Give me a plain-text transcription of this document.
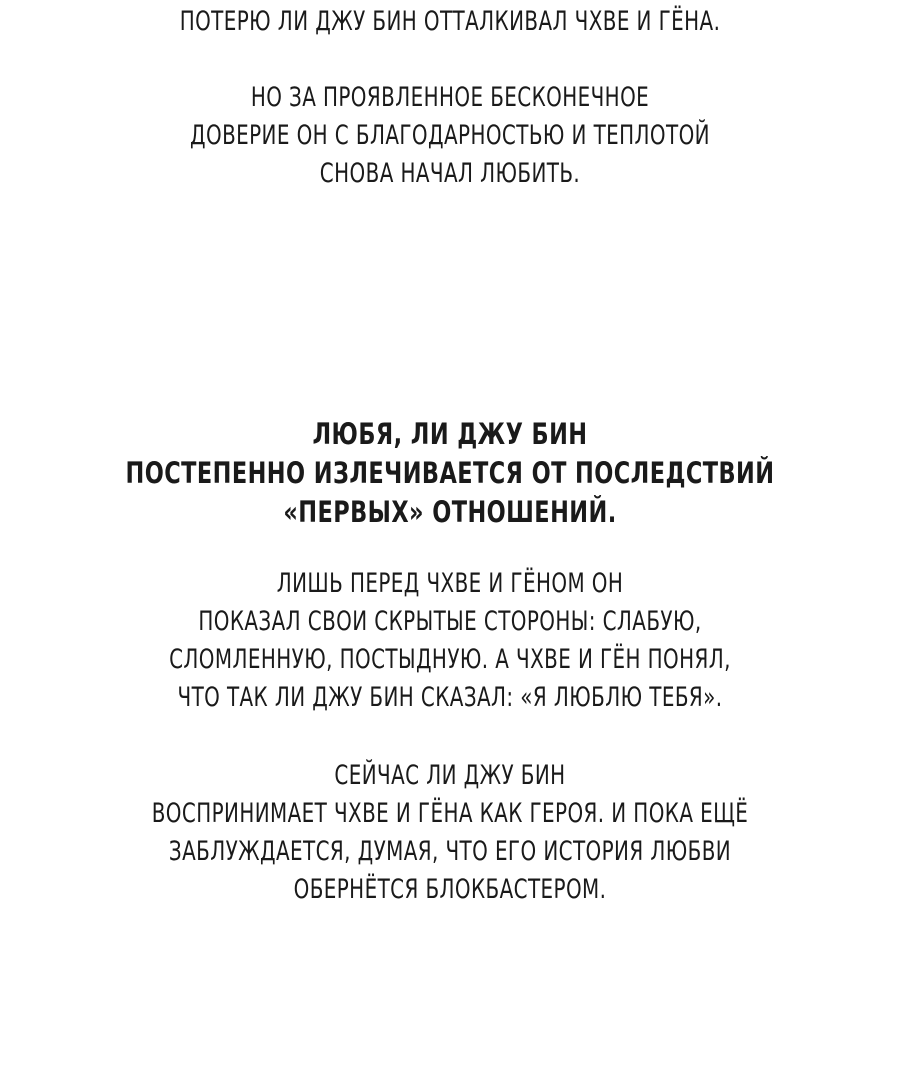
ПОТЕРЮ ЛИ ДЖУ БИН ОТТАЛКИВАЛ ЧХВЕ И ГЁНА.
НО ЗА ПРОЯВЛЕННОЕ БЕСКОНЕЧНОЕ
ДОВЕРИЕ ОН С БЛАГОДАРНОСТЬЮ И ТЕПЛОТОЙ
СНОВА НАЧАЛ ЛЮБИТЬ.
ЛЮБЯ, ЛИ ДЖУ БИН
ПОСТЕПЕННО ИЗЛЕЧИВАЕТСЯ ОТ ПОСЛЕДСТВИЙ
«ПЕРВЫХ» ОТНОШЕНИЙ.
ЛИШЬ ПЕРЕД ЧХВЕ И ГЁНОМ ОН
ПОКАЗАЛ СВОИ СКРЫТЫЕ СТОРОНЫ: СЛАБУЮ,
СЛОМЛЕННУЮ, ПОСТЫДНУЮ. А ЧХВЕ И ГЁН ПОНЯЛ,
ЧТО ТАК ЛИ ДЖУ БИН СКАЗАЛ: «Я ЛЮБЛЮ ТЕБЯ».
СЕЙЧАС ЛИ ДЖУ БИН
ВОСПРИНИМАЕТ ЧХВЕ И ГЁНА КАК ГЕРОЯ. И ПОКА ЕЩЁ
ЗАБЛУЖДАЕТСЯ, ДУМАЯ, ЧТО ЕГО ИСТОРИЯ ЛЮБВИ
ОБЕРНЁТСЯ БЛОКБАСТЕРОМ.
